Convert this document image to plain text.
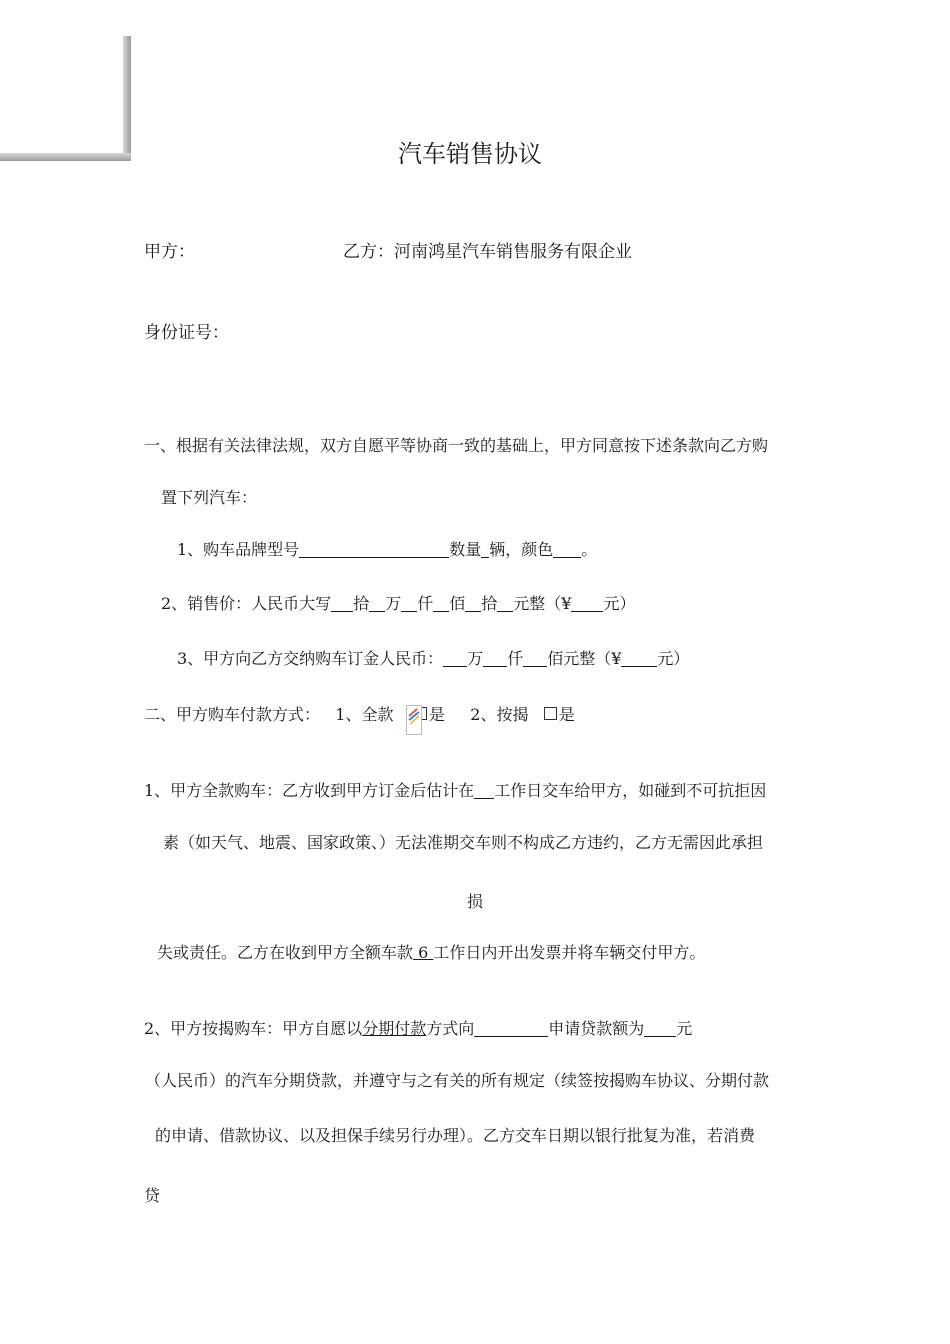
汽车销售协议
甲方：	乙方：河南鸿星汽车销售服务有限企业
身份证号：
一、根据有关法律法规，双方自愿平等协商一致的基础上，甲方同意按下述条款向乙方购
置下列汽车：
1、购车品牌型号	数量 辆，颜色 。
2、销售价：人民币大写 拾 万 仟 佰 拾 元整（¥ 元）
3、甲方向乙方交纳购车订金人民币： 万 仟 佰元整（¥ 元）
二、甲方购车付款方式： 1、全款 是 2、按揭 是
1、甲方全款购车：乙方收到甲方订金后估计在 工作日交车给甲方，如碰到不可抗拒因
素（如天气、地震、国家政策、）无法准期交车则不构成乙方违约，乙方无需因此承担
损
失或责任。乙方在收到甲方全额车款 6 工作日内开出发票并将车辆交付甲方。
2、甲方按揭购车：甲方自愿以分期付款方式向	申请贷款额为 元
（人民币）的汽车分期贷款，并遵守与之有关的所有规定（续签按揭购车协议、分期付款
的申请、借款协议、以及担保手续另行办理）。乙方交车日期以银行批复为准，若消费
贷
